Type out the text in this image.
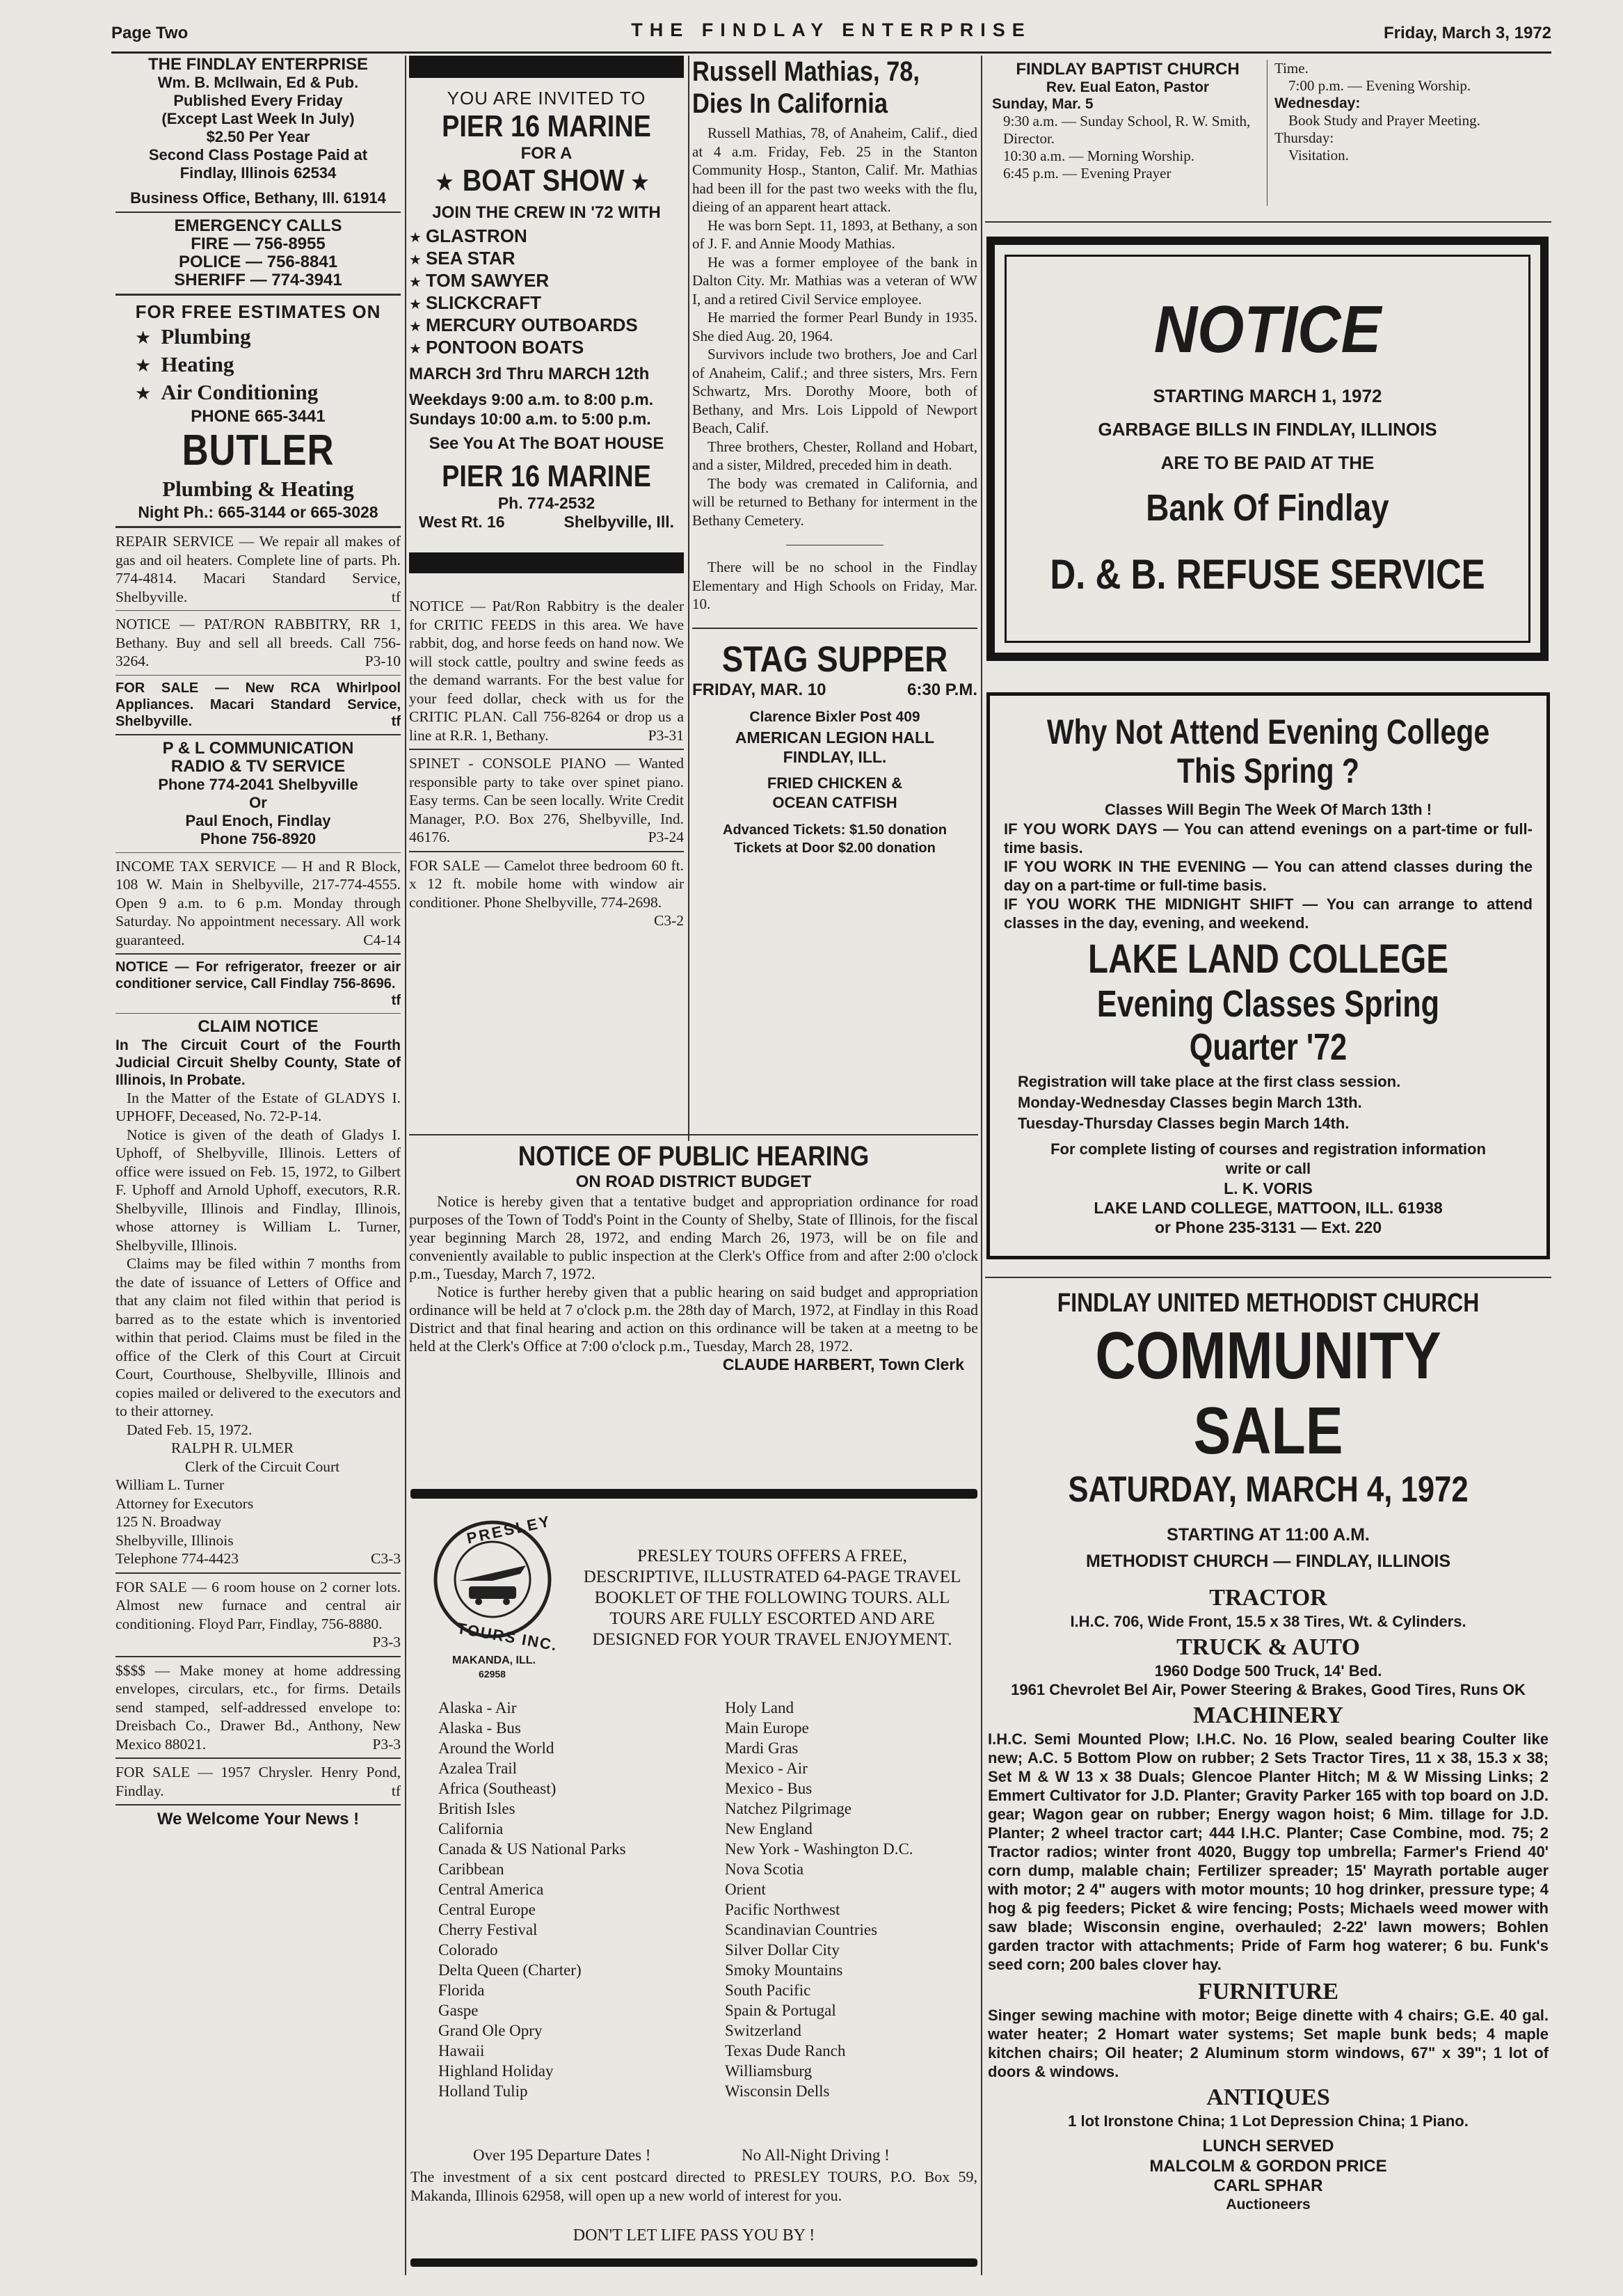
Page Two	THE FINDLAY ENTERPRISE	Friday, March 3, 1972
THE FINDLAY ENTERPRISE
Wm. B. McIlwain, Ed & Pub.
Published Every Friday
(Except Last Week In July)
$2.50 Per Year
Second Class Postage Paid at
Findlay, Illinois 62534
Business Office, Bethany, Ill. 61914
EMERGENCY CALLS
FIRE — 756-8955
POLICE — 756-8841
SHERIFF — 774-3941
FOR FREE ESTIMATES ON
★ Plumbing
★ Heating
★ Air Conditioning
PHONE 665-3441
BUTLER
Plumbing & Heating
Night Ph.: 665-3144 or 665-3028
REPAIR SERVICE — We repair all makes of gas and oil heaters. Complete line of parts. Ph. 774-4814. Macari Standard Service, Shelbyville.	tf
NOTICE — PAT/RON RABBITRY, RR 1, Bethany. Buy and sell all breeds. Call 756-3264.	P3-10
FOR SALE — New RCA Whirlpool Appliances. Macari Standard Service, Shelbyville.	tf
P & L COMMUNICATION
RADIO & TV SERVICE
Phone 774-2041 Shelbyville
Or
Paul Enoch, Findlay
Phone 756-8920
INCOME TAX SERVICE — H and R Block, 108 W. Main in Shelbyville, 217-774-4555. Open 9 a.m. to 6 p.m. Monday through Saturday. No appointment necessary. All work guaranteed.	C4-14
NOTICE — For refrigerator, freezer or air conditioner service, Call Findlay 756-8696.
tf
CLAIM NOTICE
In The Circuit Court of the Fourth Judicial Circuit Shelby County, State of Illinois, In Probate.

In the Matter of the Estate of GLADYS I. UPHOFF, Deceased, No. 72-P-14.

Notice is given of the death of Gladys I. Uphoff, of Shelbyville, Illinois. Letters of office were issued on Feb. 15, 1972, to Gilbert F. Uphoff and Arnold Uphoff, executors, R.R. Shelbyville, Illinois and Findlay, Illinois, whose attorney is William L. Turner, Shelbyville, Illinois.

Claims may be filed within 7 months from the date of issuance of Letters of Office and that any claim not filed within that period is barred as to the estate which is inventoried within that period. Claims must be filed in the office of the Clerk of this Court at Circuit Court, Courthouse, Shelbyville, Illinois and copies mailed or delivered to the executors and to their attorney.

Dated Feb. 15, 1972.

RALPH R. ULMER

Clerk of the Circuit Court

William L. Turner

Attorney for Executors

125 N. Broadway

Shelbyville, Illinois

Telephone 774-4423	C3-3

FOR SALE — 6 room house on 2 corner lots. Almost new furnace and central air conditioning. Floyd Parr, Findlay, 756-8880.
P3-3
$$$$ — Make money at home addressing envelopes, circulars, etc., for firms. Details send stamped, self-addressed envelope to: Dreisbach Co., Drawer Bd., Anthony, New Mexico 88021.	P3-3
FOR SALE — 1957 Chrysler. Henry Pond, Findlay.	tf
We Welcome Your News !
YOU ARE INVITED TO
PIER 16 MARINE
FOR A
★ BOAT SHOW ★
JOIN THE CREW IN '72 WITH
★ GLASTRON
★ SEA STAR
★ TOM SAWYER
★ SLICKCRAFT
★ MERCURY OUTBOARDS
★ PONTOON BOATS
MARCH 3rd Thru MARCH 12th
Weekdays 9:00 a.m. to 8:00 p.m.
Sundays 10:00 a.m. to 5:00 p.m.
See You At The BOAT HOUSE
PIER 16 MARINE
Ph. 774-2532
West Rt. 16	Shelbyville, Ill.
NOTICE — Pat/Ron Rabbitry is the dealer for CRITIC FEEDS in this area. We have rabbit, dog, and horse feeds on hand now. We will stock cattle, poultry and swine feeds as the demand warrants. For the best value for your feed dollar, check with us for the CRITIC PLAN. Call 756-8264 or drop us a line at R.R. 1, Bethany.	P3-31
SPINET - CONSOLE PIANO — Wanted responsible party to take over spinet piano. Easy terms. Can be seen locally. Write Credit Manager, P.O. Box 276, Shelbyville, Ind. 46176.	P3-24
FOR SALE — Camelot three bedroom 60 ft. x 12 ft. mobile home with window air conditioner. Phone Shelbyville, 774-2698.
C3-2
Russell Mathias, 78, Dies In California

Russell Mathias, 78, of Anaheim, Calif., died at 4 a.m. Friday, Feb. 25 in the Stanton Community Hosp., Stanton, Calif. Mr. Mathias had been ill for the past two weeks with the flu, dieing of an apparent heart attack.

He was born Sept. 11, 1893, at Bethany, a son of J. F. and Annie Moody Mathias.

He was a former employee of the bank in Dalton City. Mr. Mathias was a veteran of WW I, and a retired Civil Service employee.

He married the former Pearl Bundy in 1935. She died Aug. 20, 1964.

Survivors include two brothers, Joe and Carl of Anaheim, Calif.; and three sisters, Mrs. Fern Schwartz, Mrs. Dorothy Moore, both of Bethany, and Mrs. Lois Lippold of Newport Beach, Calif.

Three brothers, Chester, Rolland and Hobart, and a sister, Mildred, preceded him in death.

The body was cremated in California, and will be returned to Bethany for interment in the Bethany Cemetery.

There will be no school in the Findlay Elementary and High Schools on Friday, Mar. 10.

STAG SUPPER
FRIDAY, MAR. 10	6:30 P.M.
Clarence Bixler Post 409
AMERICAN LEGION HALL
FINDLAY, ILL.
FRIED CHICKEN &
OCEAN CATFISH
Advanced Tickets: $1.50 donation
Tickets at Door $2.00 donation
NOTICE OF PUBLIC HEARING
ON ROAD DISTRICT BUDGET

Notice is hereby given that a tentative budget and appropriation ordinance for road purposes of the Town of Todd's Point in the County of Shelby, State of Illinois, for the fiscal year beginning March 28, 1972, and ending March 26, 1973, will be on file and conveniently available to public inspection at the Clerk's Office from and after 2:00 o'clock p.m., Tuesday, March 7, 1972.

Notice is further hereby given that a public hearing on said budget and appropriation ordinance will be held at 7 o'clock p.m. the 28th day of March, 1972, at Findlay in this Road District and that final hearing and action on this ordinance will be taken at a meetng to be held at the Clerk's Office at 7:00 o'clock p.m., Tuesday, March 28, 1972.

CLAUDE HARBERT, Town Clerk
PRESLEY
TOURS INC.
MAKANDA, ILL.
62958
PRESLEY TOURS OFFERS A FREE, DESCRIPTIVE, ILLUSTRATED 64-PAGE TRAVEL BOOKLET OF THE FOLLOWING TOURS. ALL TOURS ARE FULLY ESCORTED AND ARE DESIGNED FOR YOUR TRAVEL ENJOYMENT.
Alaska - Air
Alaska - Bus
Around the World
Azalea Trail
Africa (Southeast)
British Isles
California
Canada & US National Parks
Caribbean
Central America
Central Europe
Cherry Festival
Colorado
Delta Queen (Charter)
Florida
Gaspe
Grand Ole Opry
Hawaii
Highland Holiday
Holland Tulip
Holy Land
Main Europe
Mardi Gras
Mexico - Air
Mexico - Bus
Natchez Pilgrimage
New England
New York - Washington D.C.
Nova Scotia
Orient
Pacific Northwest
Scandinavian Countries
Silver Dollar City
Smoky Mountains
South Pacific
Spain & Portugal
Switzerland
Texas Dude Ranch
Williamsburg
Wisconsin Dells
Over 195 Departure Dates !	No All-Night Driving !
The investment of a six cent postcard directed to PRESLEY TOURS, P.O. Box 59, Makanda, Illinois 62958, will open up a new world of interest for you.
DON'T LET LIFE PASS YOU BY !
FINDLAY BAPTIST CHURCH
Rev. Eual Eaton, Pastor
Sunday, Mar. 5
9:30 a.m. — Sunday School, R. W. Smith, Director.
10:30 a.m. — Morning Worship.
6:45 p.m. — Evening Prayer
Time.
7:00 p.m. — Evening Worship.
Wednesday:
Book Study and Prayer Meeting.
Thursday:
Visitation.
NOTICE
STARTING MARCH 1, 1972
GARBAGE BILLS IN FINDLAY, ILLINOIS
ARE TO BE PAID AT THE
Bank Of Findlay
D. & B. REFUSE SERVICE
Why Not Attend Evening College
This Spring ?
Classes Will Begin The Week Of March 13th !
IF YOU WORK DAYS — You can attend evenings on a part-time or full-time basis.
IF YOU WORK IN THE EVENING — You can attend classes during the day on a part-time or full-time basis.
IF YOU WORK THE MIDNIGHT SHIFT — You can arrange to attend classes in the day, evening, and weekend.
LAKE LAND COLLEGE
Evening Classes Spring Quarter '72
Registration will take place at the first class session.
Monday-Wednesday Classes begin March 13th.
Tuesday-Thursday Classes begin March 14th.
For complete listing of courses and registration information
write or call
L. K. VORIS
LAKE LAND COLLEGE, MATTOON, ILL. 61938
or Phone 235-3131 — Ext. 220
FINDLAY UNITED METHODIST CHURCH
COMMUNITY SALE
SATURDAY, MARCH 4, 1972
STARTING AT 11:00 A.M.
METHODIST CHURCH — FINDLAY, ILLINOIS
TRACTOR
I.H.C. 706, Wide Front, 15.5 x 38 Tires, Wt. & Cylinders.
TRUCK & AUTO
1960 Dodge 500 Truck, 14' Bed.
1961 Chevrolet Bel Air, Power Steering & Brakes, Good Tires, Runs OK
MACHINERY
I.H.C. Semi Mounted Plow; I.H.C. No. 16 Plow, sealed bearing Coulter like new; A.C. 5 Bottom Plow on rubber; 2 Sets Tractor Tires, 11 x 38, 15.3 x 38; Set M & W 13 x 38 Duals; Glencoe Planter Hitch; M & W Missing Links; 2 Emmert Cultivator for J.D. Planter; Gravity Parker 165 with top board on J.D. gear; Wagon gear on rubber; Energy wagon hoist; 6 Mim. tillage for J.D. Planter; 2 wheel tractor cart; 444 I.H.C. Planter; Case Combine, mod. 75; 2 Tractor radios; winter front 4020, Buggy top umbrella; Farmer's Friend 40' corn dump, malable chain; Fertilizer spreader; 15' Mayrath portable auger with motor; 2 4" augers with motor mounts; 10 hog drinker, pressure type; 4 hog & pig feeders; Picket & wire fencing; Posts; Michaels weed mower with saw blade; Wisconsin engine, overhauled; 2-22' lawn mowers; Bohlen garden tractor with attachments; Pride of Farm hog waterer; 6 bu. Funk's seed corn; 200 bales clover hay.
FURNITURE
Singer sewing machine with motor; Beige dinette with 4 chairs; G.E. 40 gal. water heater; 2 Homart water systems; Set maple bunk beds; 4 maple kitchen chairs; Oil heater; 2 Aluminum storm windows, 67" x 39"; 1 lot of doors & windows.
ANTIQUES
1 lot Ironstone China; 1 Lot Depression China; 1 Piano.
LUNCH SERVED
MALCOLM & GORDON PRICE
CARL SPHAR
Auctioneers
